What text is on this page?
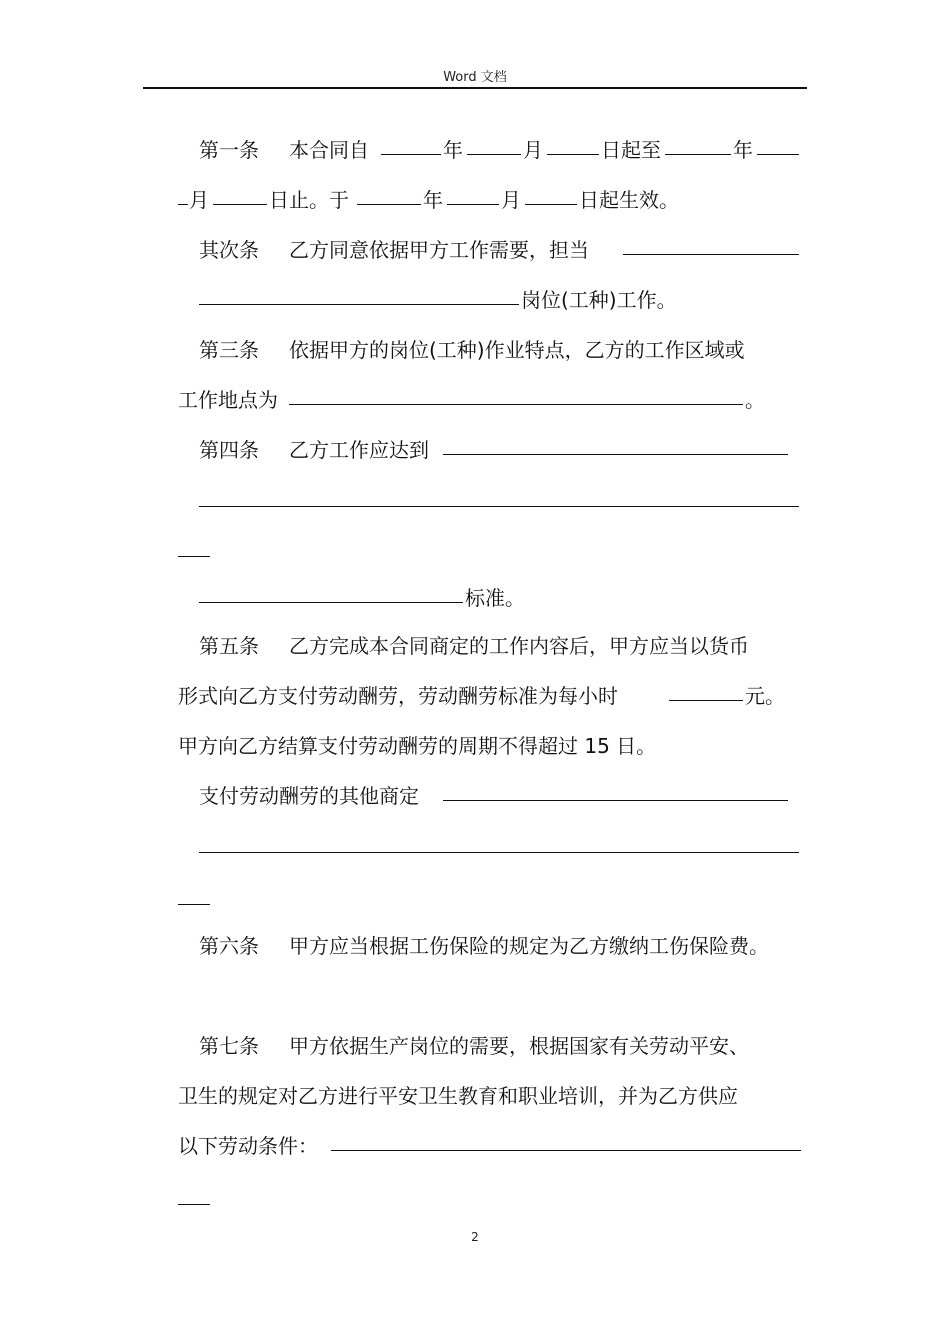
Word 文档
第一条 本合同自	年	月	日起至	年
月	日止。于	年	月	日起生效。
其次条 乙方同意依据甲方工作需要，担当
岗位(工种)工作。
第三条 依据甲方的岗位(工种)作业特点，乙方的工作区域或
工作地点为	。
第四条 乙方工作应达到
标准。
第五条 乙方完成本合同商定的工作内容后，甲方应当以货币
形式向乙方支付劳动酬劳，劳动酬劳标准为每小时	元。
甲方向乙方结算支付劳动酬劳的周期不得超过 15 日。
支付劳动酬劳的其他商定
第六条 甲方应当根据工伤保险的规定为乙方缴纳工伤保险费。
第七条 甲方依据生产岗位的需要，根据国家有关劳动平安、
卫生的规定对乙方进行平安卫生教育和职业培训，并为乙方供应
以下劳动条件：
2
